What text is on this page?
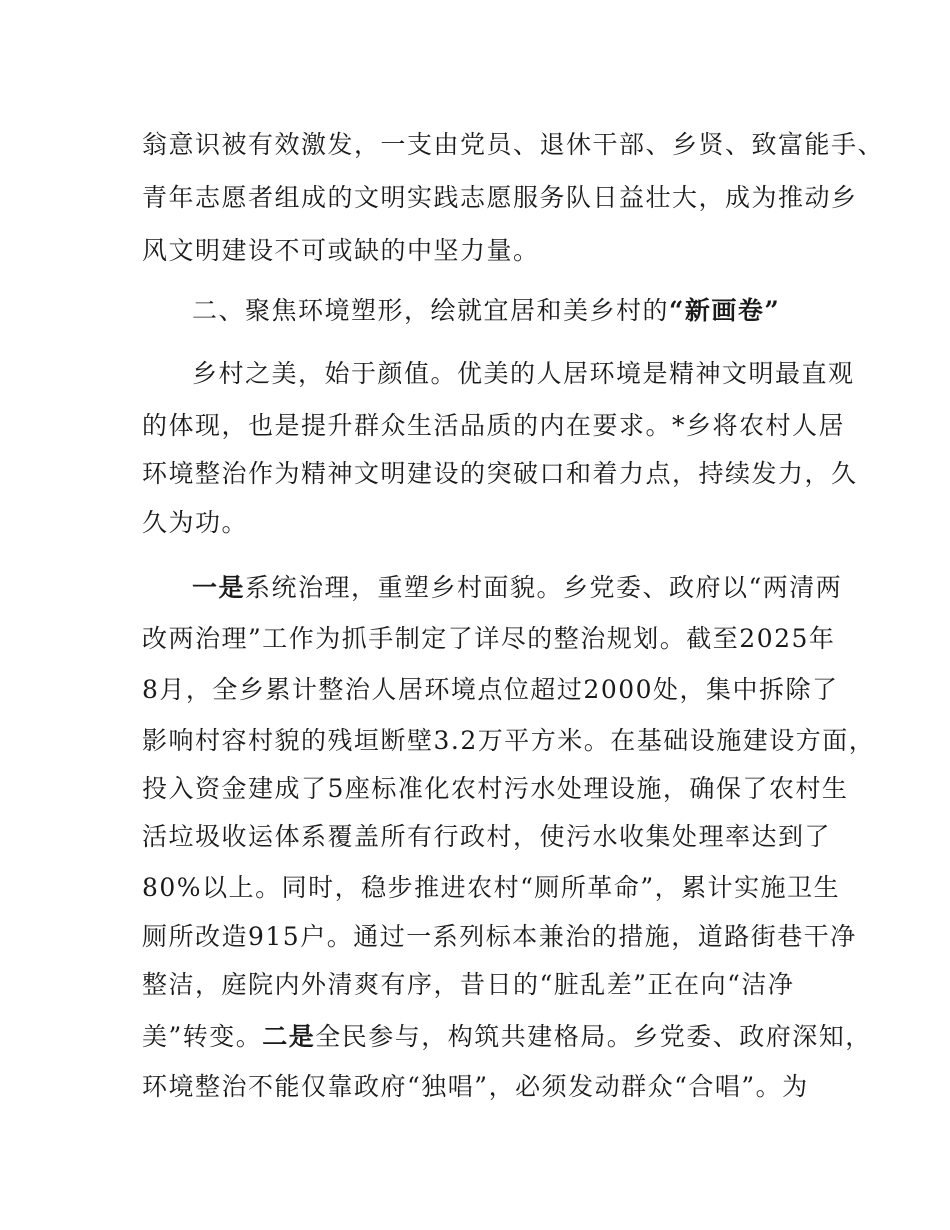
翁意识被有效激发，一支由党员、退休干部、乡贤、致富能手、
青年志愿者组成的文明实践志愿服务队日益壮大，成为推动乡
风文明建设不可或缺的中坚力量。
二、聚焦环境塑形，绘就宜居和美乡村的“新画卷”
乡村之美，始于颜值。优美的人居环境是精神文明最直观
的体现，也是提升群众生活品质的内在要求。*乡将农村人居
环境整治作为精神文明建设的突破口和着力点，持续发力，久
久为功。
一是系统治理，重塑乡村面貌。乡党委、政府以“两清两
改两治理”工作为抓手制定了详尽的整治规划。截至2025年
8月，全乡累计整治人居环境点位超过2000处，集中拆除了
影响村容村貌的残垣断壁3.2万平方米。在基础设施建设方面，
投入资金建成了5座标准化农村污水处理设施，确保了农村生
活垃圾收运体系覆盖所有行政村，使污水收集处理率达到了
80%以上。同时，稳步推进农村“厕所革命”，累计实施卫生
厕所改造915户。通过一系列标本兼治的措施，道路街巷干净
整洁，庭院内外清爽有序，昔日的“脏乱差”正在向“洁净
美”转变。二是全民参与，构筑共建格局。乡党委、政府深知，
环境整治不能仅靠政府“独唱”，必须发动群众“合唱”。为
